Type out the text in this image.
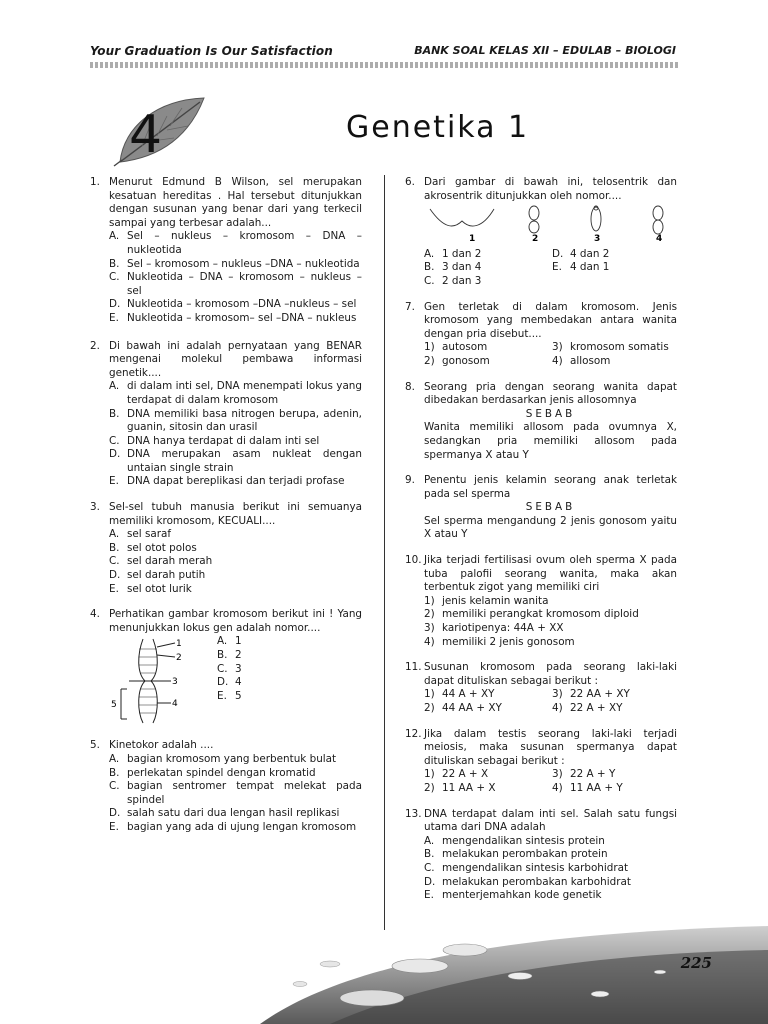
Your Graduation Is Our Satisfaction	BANK SOAL KELAS XII – EDULAB – BIOLOGI
4	Genetika 1
1. Menurut Edmund B Wilson, sel merupakan kesatuan hereditas . Hal tersebut ditunjukkan dengan susunan yang benar dari yang terkecil sampai yang terbesar adalah...
A. Sel – nukleus – kromosom – DNA – nukleotida
B. Sel – kromosom – nukleus –DNA – nukleotida
C. Nukleotida – DNA – kromosom – nukleus – sel
D. Nukleotida – kromosom –DNA –nukleus – sel
E. Nukleotida – kromosom– sel –DNA – nukleus
2. Di bawah ini adalah pernyataan yang BENAR mengenai molekul pembawa informasi genetik....
A. di dalam inti sel, DNA menempati lokus yang terdapat di dalam kromosom
B. DNA memiliki basa nitrogen berupa, adenin, guanin, sitosin dan urasil
C. DNA hanya terdapat di dalam inti sel
D. DNA merupakan asam nukleat dengan untaian single strain
E. DNA dapat bereplikasi dan terjadi profase
3. Sel-sel tubuh manusia berikut ini semuanya memiliki kromosom, KECUALI....
A. sel saraf
B. sel otot polos
C. sel darah merah
D. sel darah putih
E. sel otot lurik
4. Perhatikan gambar kromosom berikut ini ! Yang menunjukkan lokus gen adalah nomor....
1
2
3
4
5
A. 1
B. 2
C. 3
D. 4
E. 5
5. Kinetokor adalah ....
A. bagian kromosom yang berbentuk bulat
B. perlekatan spindel dengan kromatid
C. bagian sentromer tempat melekat pada spindel
D. salah satu dari dua lengan hasil replikasi
E. bagian yang ada di ujung lengan kromosom
6. Dari gambar di bawah ini, telosentrik dan akrosentrik ditunjukkan oleh nomor....
1	2	3	4
A. 1 dan 2	D. 4 dan 2
B. 3 dan 4	E. 4 dan 1
C. 2 dan 3
7. Gen terletak di dalam kromosom. Jenis kromosom yang membedakan antara wanita dengan pria disebut....
1) autosom	3) kromosom somatis
2) gonosom	4) allosom
8. Seorang pria dengan seorang wanita dapat dibedakan berdasarkan jenis allosomnya
SEBAB
Wanita memiliki allosom pada ovumnya X, sedangkan pria memiliki allosom pada spermanya X atau Y
9. Penentu jenis kelamin seorang anak terletak pada sel sperma
SEBAB
Sel sperma mengandung 2 jenis gonosom yaitu X atau Y
10. Jika terjadi fertilisasi ovum oleh sperma X pada tuba palofii seorang wanita, maka akan terbentuk zigot yang memiliki ciri
1) jenis kelamin wanita
2) memiliki perangkat kromosom diploid
3) kariotipenya: 44A + XX
4) memiliki 2 jenis gonosom
11. Susunan kromosom pada seorang laki-laki dapat dituliskan sebagai berikut :
1) 44 A + XY	3) 22 AA + XY
2) 44 AA + XY	4) 22 A + XY
12. Jika dalam testis seorang laki-laki terjadi meiosis, maka susunan spermanya dapat dituliskan sebagai berikut :
1) 22 A + X	3) 22 A + Y
2) 11 AA + X	4) 11 AA + Y
13. DNA terdapat dalam inti sel. Salah satu fungsi utama dari DNA adalah
A. mengendalikan sintesis protein
B. melakukan perombakan protein
C. mengendalikan sintesis karbohidrat
D. melakukan perombakan karbohidrat
E. menterjemahkan kode genetik
225
